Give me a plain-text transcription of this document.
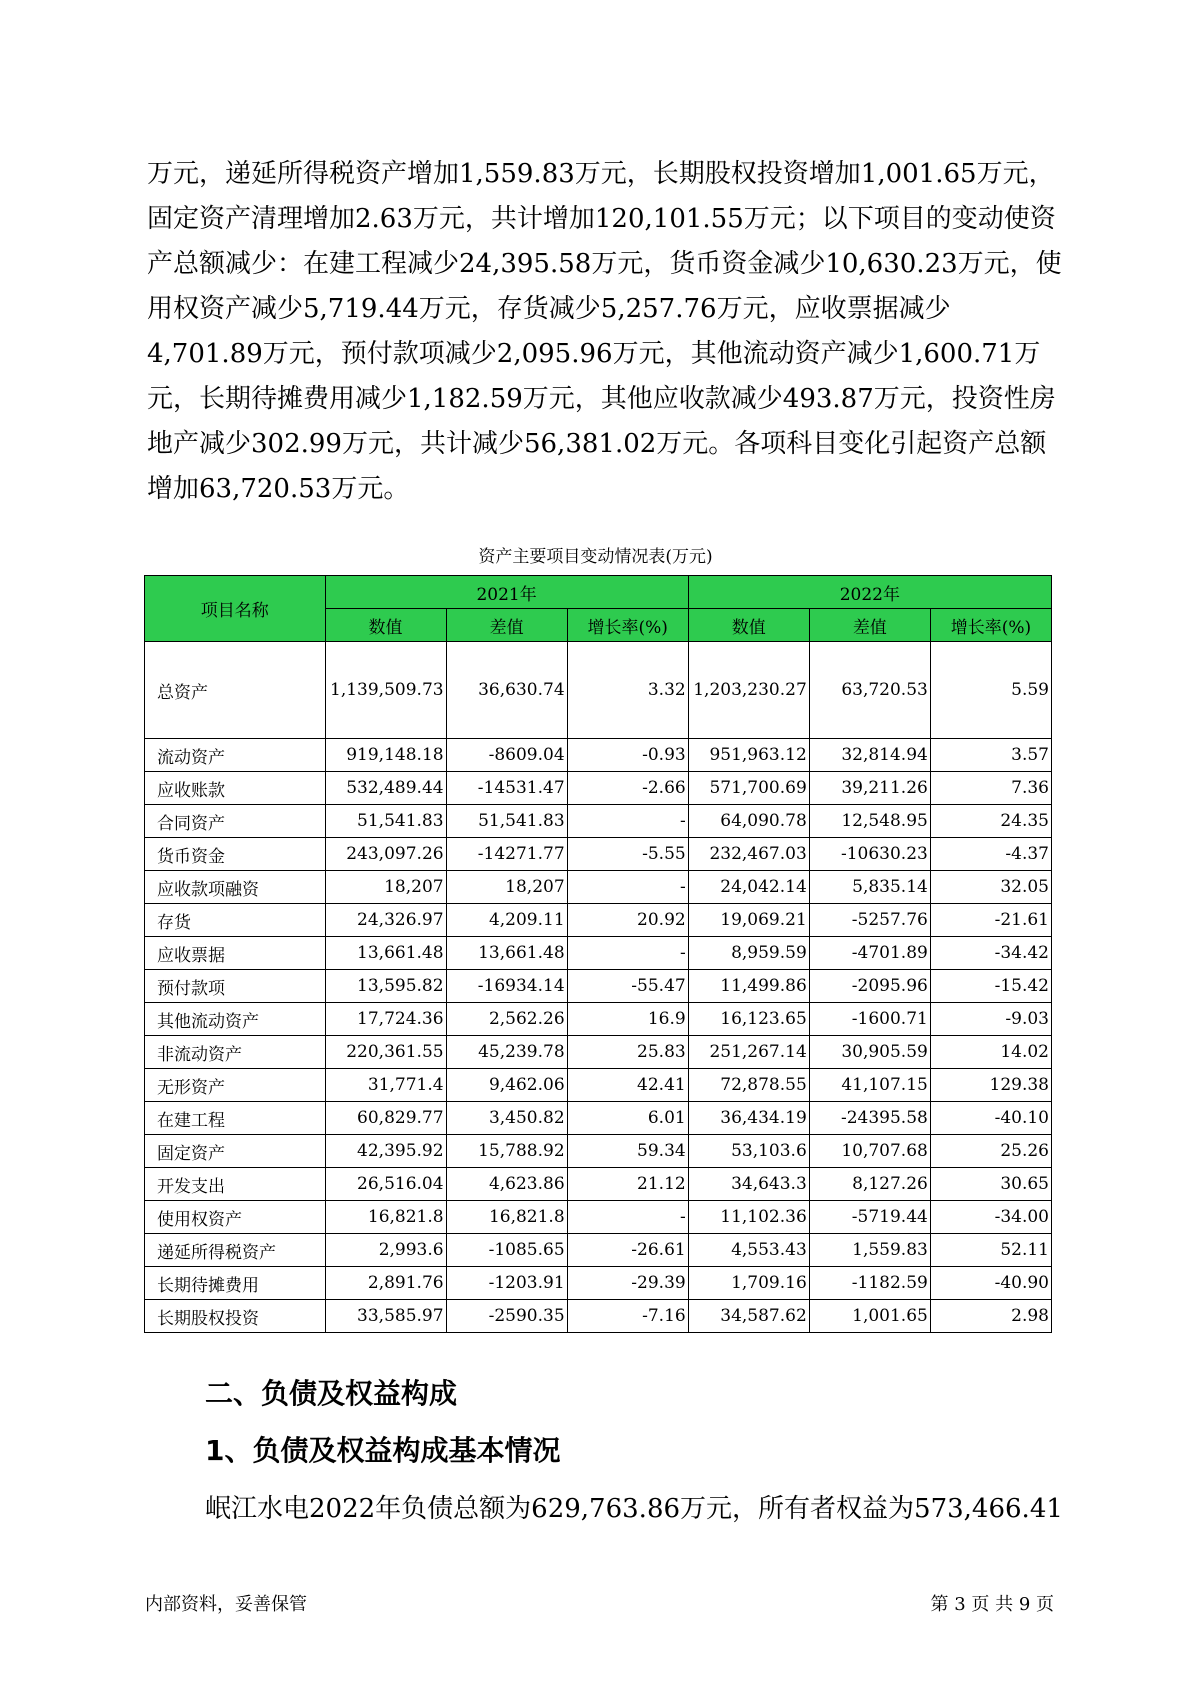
万元，递延所得税资产增加1,559.83万元，长期股权投资增加1,001.65万元，固定资产清理增加2.63万元，共计增加120,101.55万元；以下项目的变动使资产总额减少：在建工程减少24,395.58万元，货币资金减少10,630.23万元，使用权资产减少5,719.44万元，存货减少5,257.76万元，应收票据减少4,701.89万元，预付款项减少2,095.96万元，其他流动资产减少1,600.71万元，长期待摊费用减少1,182.59万元，其他应收款减少493.87万元，投资性房地产减少302.99万元，共计减少56,381.02万元。各项科目变化引起资产总额增加63,720.53万元。

资产主要项目变动情况表(万元)
项目名称	2021年			2022年		
	数值	差值	增长率(%)	数值	差值	增长率(%)
总资产	1,139,509.73	36,630.74	3.32	1,203,230.27	63,720.53	5.59
流动资产	919,148.18	-8609.04	-0.93	951,963.12	32,814.94	3.57
应收账款	532,489.44	-14531.47	-2.66	571,700.69	39,211.26	7.36
合同资产	51,541.83	51,541.83	-	64,090.78	12,548.95	24.35
货币资金	243,097.26	-14271.77	-5.55	232,467.03	-10630.23	-4.37
应收款项融资	18,207	18,207	-	24,042.14	5,835.14	32.05
存货	24,326.97	4,209.11	20.92	19,069.21	-5257.76	-21.61
应收票据	13,661.48	13,661.48	-	8,959.59	-4701.89	-34.42
预付款项	13,595.82	-16934.14	-55.47	11,499.86	-2095.96	-15.42
其他流动资产	17,724.36	2,562.26	16.9	16,123.65	-1600.71	-9.03
非流动资产	220,361.55	45,239.78	25.83	251,267.14	30,905.59	14.02
无形资产	31,771.4	9,462.06	42.41	72,878.55	41,107.15	129.38
在建工程	60,829.77	3,450.82	6.01	36,434.19	-24395.58	-40.10
固定资产	42,395.92	15,788.92	59.34	53,103.6	10,707.68	25.26
开发支出	26,516.04	4,623.86	21.12	34,643.3	8,127.26	30.65
使用权资产	16,821.8	16,821.8	-	11,102.36	-5719.44	-34.00
递延所得税资产	2,993.6	-1085.65	-26.61	4,553.43	1,559.83	52.11
长期待摊费用	2,891.76	-1203.91	-29.39	1,709.16	-1182.59	-40.90
长期股权投资	33,585.97	-2590.35	-7.16	34,587.62	1,001.65	2.98
二、负债及权益构成
1、负债及权益构成基本情况

岷江水电2022年负债总额为629,763.86万元，所有者权益为573,466.41

内部资料，妥善保管	第 3 页 共 9 页
